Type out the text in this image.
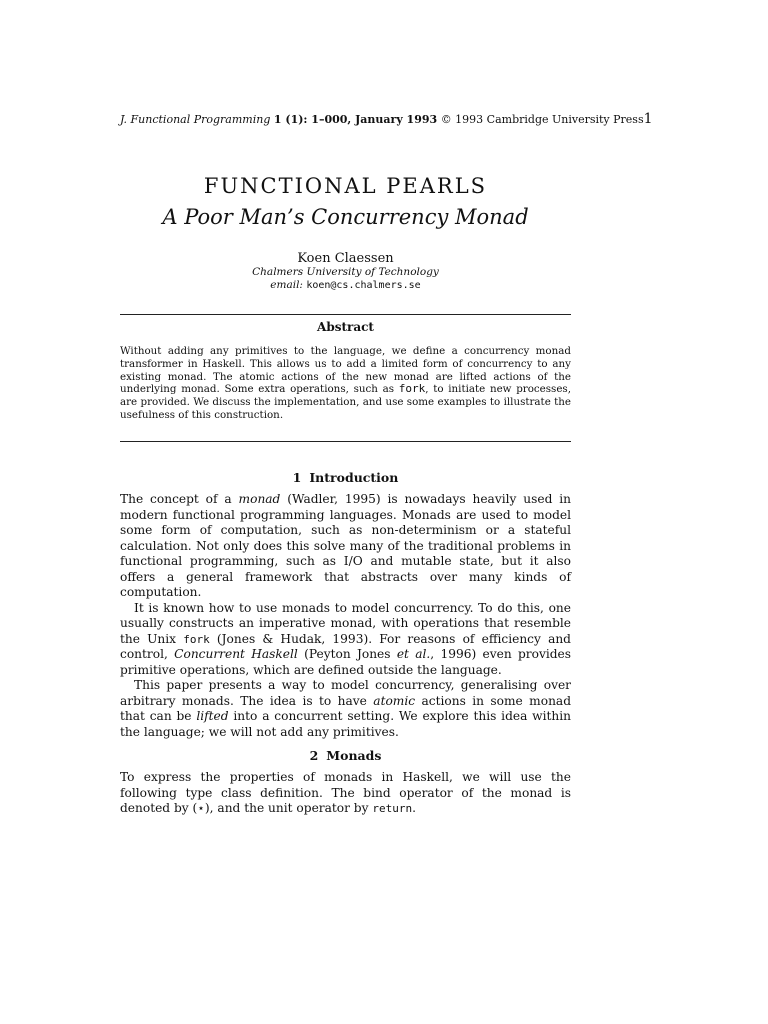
J. Functional Programming 1 (1): 1–000, January 1993 © 1993 Cambridge University Press 1
FUNCTIONAL PEARLS
A Poor Man’s Concurrency Monad
Koen Claessen
Chalmers University of Technology
email: koen@cs.chalmers.se
Abstract

Without adding any primitives to the language, we define a concurrency monad transformer in Haskell. This allows us to add a limited form of concurrency to any existing monad. The atomic actions of the new monad are lifted actions of the underlying monad. Some extra operations, such as fork, to initiate new processes, are provided. We discuss the implementation, and use some examples to illustrate the usefulness of this construction.

1 Introduction

The concept of a monad (Wadler, 1995) is nowadays heavily used in modern functional programming languages. Monads are used to model some form of computation, such as non-determinism or a stateful calculation. Not only does this solve many of the traditional problems in functional programming, such as I/O and mutable state, but it also offers a general framework that abstracts over many kinds of computation.

It is known how to use monads to model concurrency. To do this, one usually constructs an imperative monad, with operations that resemble the Unix fork (Jones & Hudak, 1993). For reasons of efficiency and control, Concurrent Haskell (Peyton Jones et al., 1996) even provides primitive operations, which are defined outside the language.

This paper presents a way to model concurrency, generalising over arbitrary monads. The idea is to have atomic actions in some monad that can be lifted into a concurrent setting. We explore this idea within the language; we will not add any primitives.

2 Monads

To express the properties of monads in Haskell, we will use the following type class definition. The bind operator of the monad is denoted by (⋆), and the unit operator by return.
